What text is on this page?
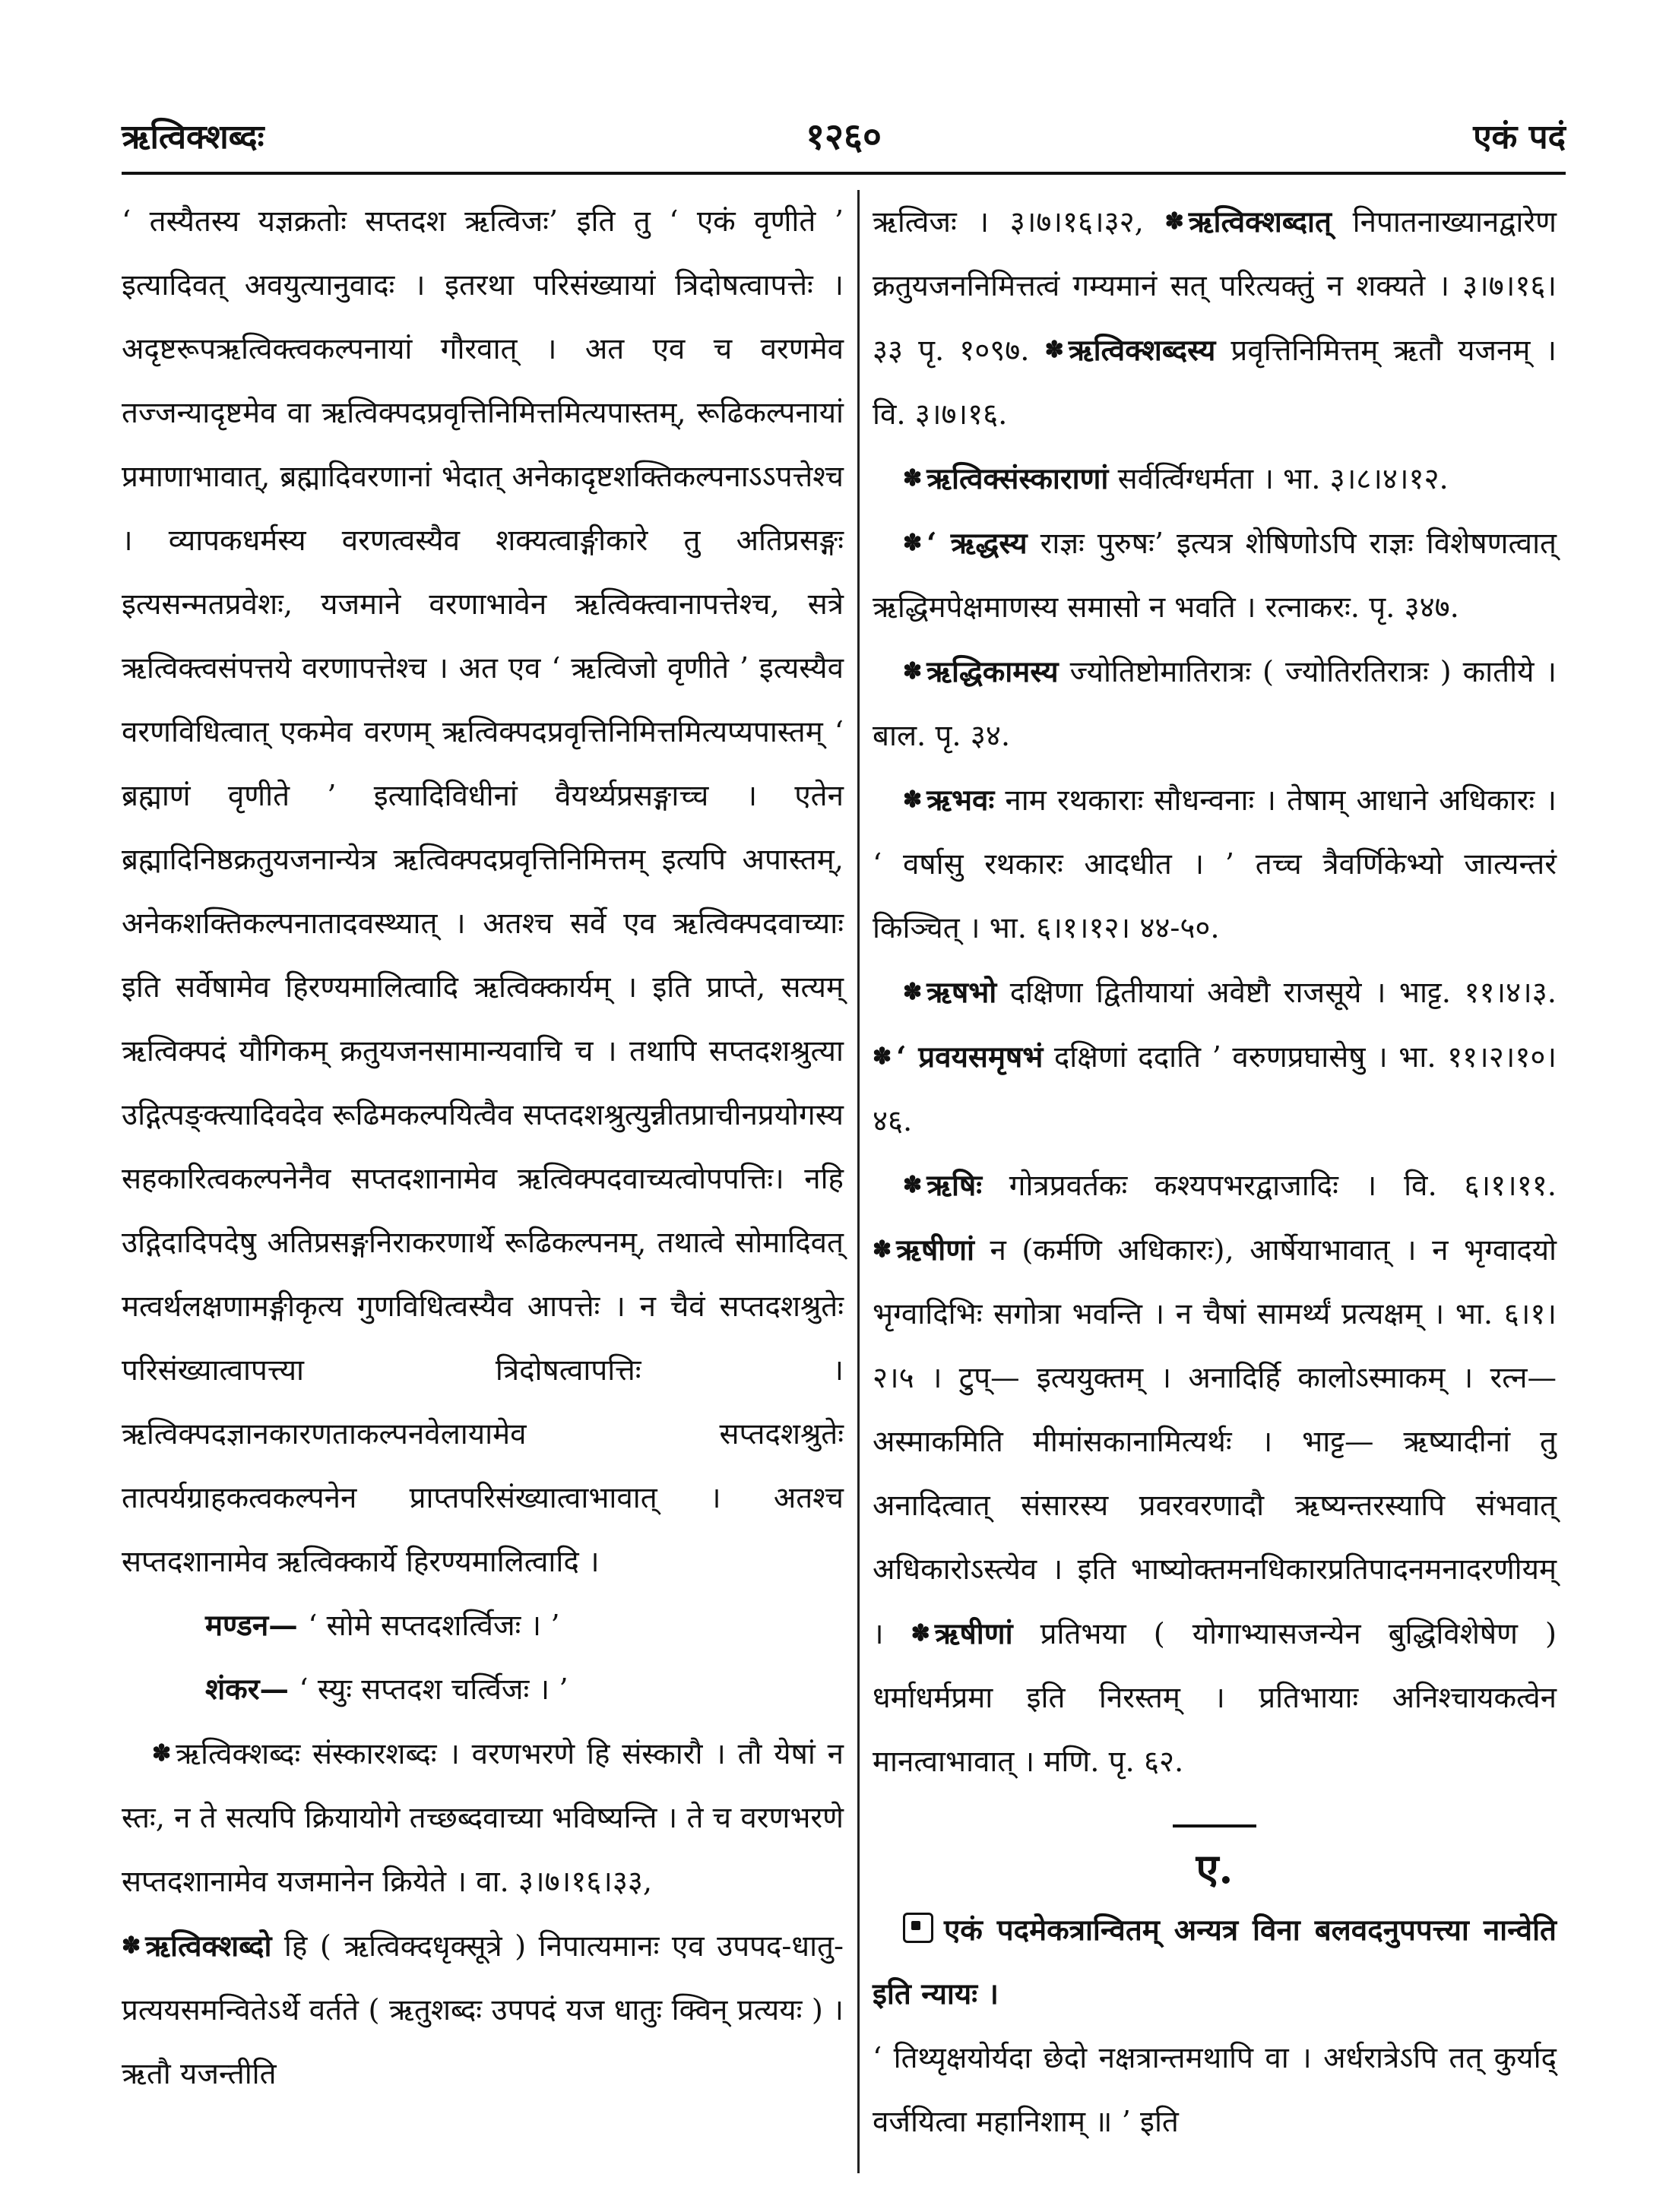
ऋत्विक्शब्दः	१२६०	एकं पदं

‘ तस्यैतस्य यज्ञक्रतोः सप्तदश ऋत्विजः’ इति तु ‘ एकं वृणीते ’ इत्यादिवत् अवयुत्यानुवादः । इतरथा परिसंख्यायां त्रिदोषत्वापत्तेः । अदृष्टरूपऋत्विक्त्वकल्पनायां गौरवात् । अत एव च वरणमेव तज्जन्यादृष्टमेव वा ऋत्विक्पदप्रवृत्तिनिमित्तमित्यपास्तम्, रूढिकल्पनायां प्रमाणाभावात्, ब्रह्मादिवरणानां भेदात् अनेकादृष्टशक्तिकल्पनाऽऽपत्तेश्च । व्यापकधर्मस्य वरणत्वस्यैव शक्यत्वाङ्गीकारे तु अतिप्रसङ्गः इत्यसन्मतप्रवेशः, यजमाने वरणाभावेन ऋत्विक्त्वानापत्तेश्च, सत्रे ऋत्विक्त्वसंपत्तये वरणापत्तेश्च । अत एव ‘ ऋत्विजो वृणीते ’ इत्यस्यैव वरणविधित्वात् एकमेव वरणम् ऋत्विक्पदप्रवृत्तिनिमित्तमित्यप्यपास्तम् ‘ ब्रह्माणं वृणीते ’ इत्यादिविधीनां वैयर्थ्यप्रसङ्गाच्च । एतेन ब्रह्मादिनिष्ठक्रतुयजनान्येत्र ऋत्विक्पदप्रवृत्तिनिमित्तम् इत्यपि अपास्तम्, अनेकशक्तिकल्पनातादवस्थ्यात् । अतश्च सर्वे एव ऋत्विक्पदवाच्याः इति सर्वेषामेव हिरण्यमालित्वादि ऋत्विक्कार्यम् । इति प्राप्ते, सत्यम् ऋत्विक्पदं यौगिकम् क्रतुयजनसामान्यवाचि च । तथापि सप्तदशश्रुत्या उद्गित्पङ्क्त्यादिवदेव रूढिमकल्पयित्वैव सप्तदशश्रुत्युन्नीतप्राचीनप्रयोगस्य सहकारित्वकल्पनेनैव सप्तदशानामेव ऋत्विक्पदवाच्यत्वोपपत्तिः। नहि उद्गिदादिपदेषु अतिप्रसङ्गनिराकरणार्थे रूढिकल्पनम्, तथात्वे सोमादिवत् मत्वर्थलक्षणामङ्गीकृत्य गुणविधित्वस्यैव आपत्तेः । न चैवं सप्तदशश्रुतेः परिसंख्यात्वापत्त्या त्रिदोषत्वापत्तिः । ऋत्विक्पदज्ञानकारणताकल्पनवेलायामेव सप्तदशश्रुतेः तात्पर्यग्राहकत्वकल्पनेन प्राप्तपरिसंख्यात्वाभावात् । अतश्च सप्तदशानामेव ऋत्विक्कार्ये हिरण्यमालित्वादि ।

मण्डन— ‘ सोमे सप्तदशर्त्विजः । ’

शंकर— ‘ स्युः सप्तदश चर्त्विजः । ’

✽ ऋत्विक्शब्दः संस्कारशब्दः । वरणभरणे हि संस्कारौ । तौ येषां न स्तः, न ते सत्यपि क्रियायोगे तच्छब्दवाच्या भविष्यन्ति । ते च वरणभरणे सप्तदशानामेव यजमानेन क्रियेते । वा. ३।७।१६।३३,

✽ ऋत्विक्शब्दो हि ( ऋत्विक्दधृक्सूत्रे ) निपात्यमानः एव उपपद-धातु-प्रत्ययसमन्वितेऽर्थे वर्तते ( ऋतुशब्दः उपपदं यज धातुः क्विन् प्रत्ययः ) । ऋतौ यजन्तीति

ऋत्विजः । ३।७।१६।३२, ✽ ऋत्विक्शब्दात् निपातनाख्यानद्वारेण क्रतुयजननिमित्तत्वं गम्यमानं सत् परित्यक्तुं न शक्यते । ३।७।१६।३३ पृ. १०९७. ✽ ऋत्विक्शब्दस्य प्रवृत्तिनिमित्तम् ऋतौ यजनम् । वि. ३।७।१६.

✽ ऋत्विक्संस्काराणां सर्वर्त्विग्धर्मता । भा. ३।८।४।१२.

✽ ‘ ऋद्धस्य राज्ञः पुरुषः’ इत्यत्र शेषिणोऽपि राज्ञः विशेषणत्वात् ऋद्धिमपेक्षमाणस्य समासो न भवति । रत्नाकरः. पृ. ३४७.

✽ ऋद्धिकामस्य ज्योतिष्टोमातिरात्रः ( ज्योतिरतिरात्रः ) कातीये । बाल. पृ. ३४.

✽ ऋभवः नाम रथकाराः सौधन्वनाः । तेषाम् आधाने अधिकारः । ‘ वर्षासु रथकारः आदधीत । ’ तच्च त्रैवर्णिकेभ्यो जात्यन्तरं किञ्चित् । भा. ६।१।१२। ४४-५०.

✽ ऋषभो दक्षिणा द्वितीयायां अवेष्टौ राजसूये । भाट्ट. ११।४।३. ✽ ‘ प्रवयसमृषभं दक्षिणां ददाति ’ वरुणप्रघासेषु । भा. ११।२।१०।४६.

✽ ऋषिः गोत्रप्रवर्तकः कश्यपभरद्वाजादिः । वि. ६।१।११. ✽ ऋषीणां न (कर्मणि अधिकारः), आर्षेयाभावात् । न भृग्वादयो भृग्वादिभिः सगोत्रा भवन्ति । न चैषां सामर्थ्यं प्रत्यक्षम् । भा. ६।१।२।५ । टुप्— इत्ययुक्तम् । अनादिर्हि कालोऽस्माकम् । रत्न— अस्माकमिति मीमांसकानामित्यर्थः । भाट्ट— ऋष्यादीनां तु अनादित्वात् संसारस्य प्रवरवरणादौ ऋष्यन्तरस्यापि संभवात् अधिकारोऽस्त्येव । इति भाष्योक्तमनधिकारप्रतिपादनमनादरणीयम् । ✽ ऋषीणां प्रतिभया ( योगाभ्यासजन्येन बुद्धिविशेषेण ) धर्माधर्मप्रमा इति निरस्तम् । प्रतिभायाः अनिश्चायकत्वेन मानत्वाभावात् । मणि. पृ. ६२.

ए.

एकं पदमेकत्रान्वितम् अन्यत्र विना बलवदनुपपत्त्या नान्वेति इति न्यायः ।

‘ तिथ्यृक्षयोर्यदा छेदो नक्षत्रान्तमथापि वा । अर्धरात्रेऽपि तत् कुर्याद् वर्जयित्वा महानिशाम् ॥ ’ इति
